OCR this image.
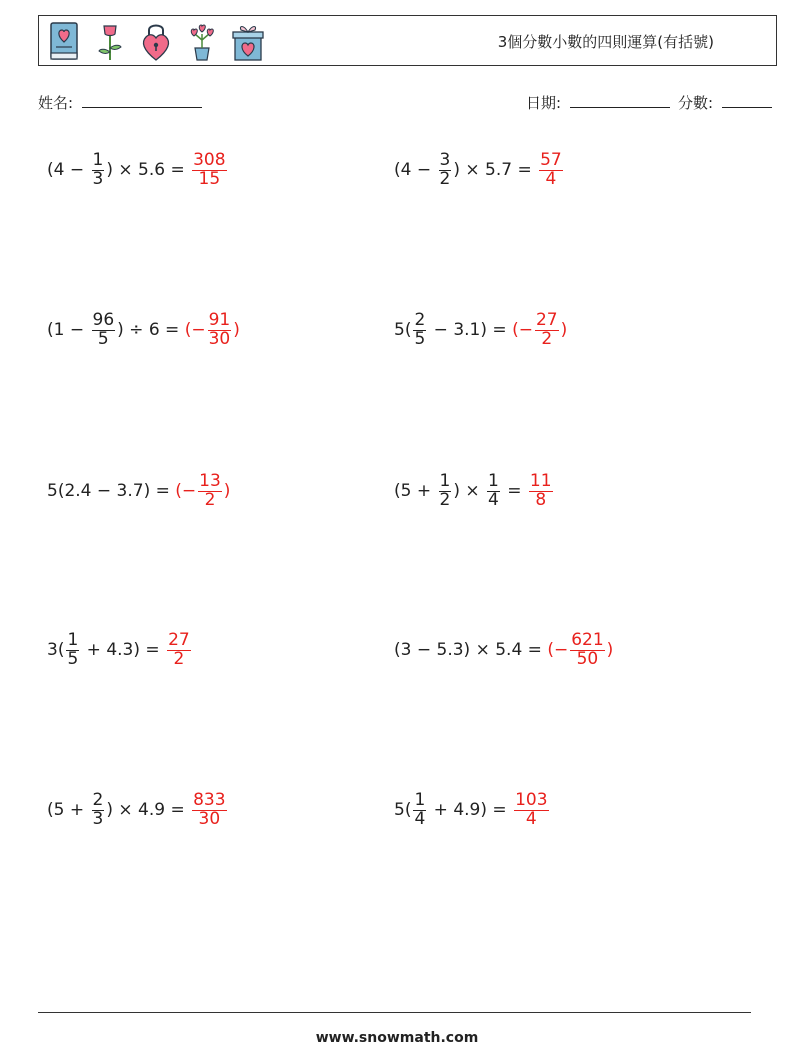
3個分數小數的四則運算(有括號)
姓名:	日期:	分數:
($4 - \frac{1}{3}$ ) × $5.6 = \frac{308}{15}$	($4 - \frac{3}{2}$ ) × $5.7 = \frac{57}{4}$
($1 - \frac{96}{5}$ ) ÷ 6 = (− $\frac{91}{30}$ )	$5( \frac{2}{5} - 3.1)$ = (− $\frac{27}{2}$ )
5(2.4 − 3.7) = (− $\frac{13}{2}$ )	($5 + \frac{1}{2}$ ) × $\frac{1}{4} = \frac{11}{8}$
$3( \frac{1}{5} + 4.3) = \frac{27}{2}$	(3 − 5.3) × 5.4 = (− $\frac{621}{50}$ )
($5 + \frac{2}{3}$ ) × $4.9 = \frac{833}{30}$	$5( \frac{1}{4} + 4.9) = \frac{103}{4}$
www.snowmath.com
